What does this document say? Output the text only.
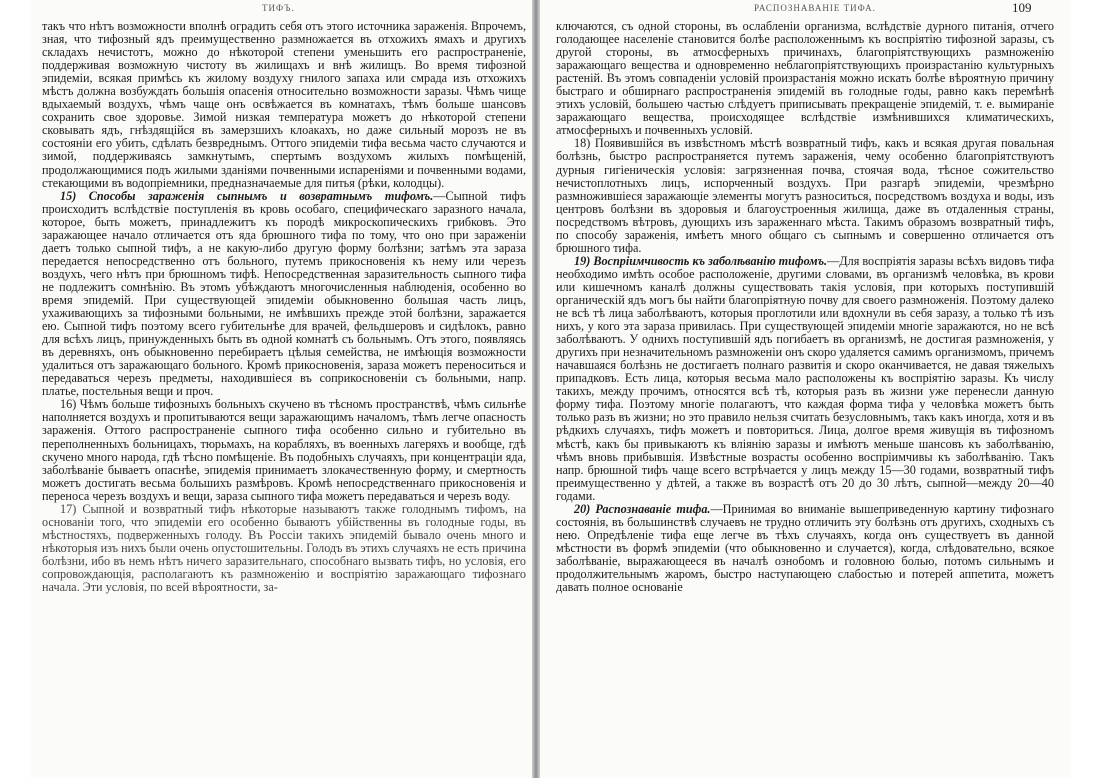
ТИФЪ.

такъ что нѣтъ возможности вполнѣ оградить себя отъ этого источника зараженія. Впрочемъ, зная, что тифозный ядъ преимущественно размножается въ отхожихъ ямахъ и другихъ складахъ нечистотъ, можно до нѣкоторой степени уменьшить его распространеніе, поддерживая возможную чистоту въ жилищахъ и внѣ жилищъ. Во время тифозной эпидеміи, всякая примѣсь къ жилому воздуху гнилого запаха или смрада изъ отхожихъ мѣстъ должна возбуждать большія опасенія относительно возможности заразы. Чѣмъ чище вдыхаемый воздухъ, чѣмъ чаще онъ освѣжается въ комнатахъ, тѣмъ больше шансовъ сохранить свое здоровье. Зимой низкая температура можетъ до нѣкоторой степени сковывать ядъ, гнѣздящійся въ замерзшихъ клоакахъ, но даже сильный морозъ не въ состояніи его убить, сдѣлать безвреднымъ. Оттого эпидеміи тифа весьма часто случаются и зимой, поддерживаясь замкнутымъ, спертымъ воздухомъ жилыхъ помѣщеній, продолжающимися подъ жилыми зданіями почвенными испареніями и почвенными водами, стекающими въ водопріемники, предназначаемые для питья (рѣки, колодцы).

15) Способы зараженія сыпнымъ и возвратнымъ тифомъ.—Сыпной тифъ происходитъ вслѣдствіе поступленія въ кровь особаго, специфическаго заразного начала, которое, быть можетъ, принадлежитъ къ породѣ микроскопическихъ грибковъ. Это заражающее начало отличается отъ яда брюшного тифа по тому, что оно при зараженіи даетъ только сыпной тифъ, а не какую-либо другую форму болѣзни; затѣмъ эта зараза передается непосредственно отъ больного, путемъ прикосновенія къ нему или черезъ воздухъ, чего нѣтъ при брюшномъ тифѣ. Непосредственная заразительность сыпного тифа не подлежитъ сомнѣнію. Въ этомъ убѣждаютъ многочисленныя наблюденія, особенно во время эпидемій. При существующей эпидеміи обыкновенно большая часть лицъ, ухаживающихъ за тифозными больными, не имѣвшихъ прежде этой болѣзни, заражается ею. Сыпной тифъ поэтому всего губительнѣе для врачей, фельдшеровъ и сидѣлокъ, равно для всѣхъ лицъ, принужденныхъ быть въ одной комнатѣ съ больнымъ. Отъ этого, появляясь въ деревняхъ, онъ обыкновенно перебираетъ цѣлыя семейства, не имѣющія возможности удалиться отъ заражающаго больного. Кромѣ прикосновенія, зараза можетъ переноситься и передаваться черезъ предметы, находившіеся въ соприкосновеніи съ больными, напр. платье, постельныя вещи и проч.

16) Чѣмъ больше тифозныхъ больныхъ скучено въ тѣсномъ пространствѣ, чѣмъ сильнѣе наполняется воздухъ и пропитываются вещи заражающимъ началомъ, тѣмъ легче опасность зараженія. Оттого распространеніе сыпного тифа особенно сильно и губительно въ переполненныхъ больницахъ, тюрьмахъ, на корабляхъ, въ военныхъ лагеряхъ и вообще, гдѣ скучено много народа, гдѣ тѣсно помѣщеніе. Въ подобныхъ случаяхъ, при концентраціи яда, заболѣваніе бываетъ опаснѣе, эпидемія принимаетъ злокачественную форму, и смертность можетъ достигать весьма большихъ размѣровъ. Кромѣ непосредственнаго прикосновенія и переноса черезъ воздухъ и вещи, зараза сыпного тифа можетъ передаваться и черезъ воду.

17) Сыпной и возвратный тифъ нѣкоторые называютъ также голоднымъ тифомъ, на основаніи того, что эпидеміи его особенно бываютъ убійственны въ голодные годы, въ мѣстностяхъ, подверженныхъ голоду. Въ Россіи такихъ эпидемій бывало очень много и нѣкоторыя изъ нихъ были очень опустошительны. Голодъ въ этихъ случаяхъ не есть причина болѣзни, ибо въ немъ нѣтъ ничего заразительнаго, способнаго вызвать тифъ, но условія, его сопровождающія, располагаютъ къ размноженію и воспріятію заражающаго тифознаго начала. Эти условія, по всей вѣроятности, за-

РАСПОЗНАВАНІЕ ТИФА.	109

ключаются, съ одной стороны, въ ослабленіи организма, вслѣдствіе дурного питанія, отчего голодающее населеніе становится болѣе расположеннымъ къ воспріятію тифозной заразы, съ другой стороны, въ атмосферныхъ причинахъ, благопріятствующихъ размноженію заражающаго вещества и одновременно неблагопріятствующихъ произрастанію культурныхъ растеній. Въ этомъ совпаденіи условій произрастанія можно искать болѣе вѣроятную причину быстраго и обширнаго распространенія эпидемій въ голодные годы, равно какъ перемѣнѣ этихъ условій, большею частью слѣдуетъ приписывать прекращеніе эпидемій, т. е. вымираніе заражающаго вещества, происходящее вслѣдствіе измѣнившихся климатическихъ, атмосферныхъ и почвенныхъ условій.

18) Появившійся въ извѣстномъ мѣстѣ возвратный тифъ, какъ и всякая другая повальная болѣзнь, быстро распространяется путемъ зараженія, чему особенно благопріятствуютъ дурныя гигіеническія условія: загрязненная почва, стоячая вода, тѣсное сожительство нечистоплотныхъ лицъ, испорченный воздухъ. При разгарѣ эпидеміи, чрезмѣрно размножившіеся заражающіе элементы могутъ разноситься, посредствомъ воздуха и воды, изъ центровъ болѣзни въ здоровыя и благоустроенныя жилища, даже въ отдаленныя страны, посредствомъ вѣтровъ, дующихъ изъ зараженнаго мѣста. Такимъ образомъ возвратный тифъ, по способу зараженія, имѣетъ много общаго съ сыпнымъ и совершенно отличается отъ брюшного тифа.

19) Воспріимчивость къ заболѣванію тифомъ.—Для воспріятія заразы всѣхъ видовъ тифа необходимо имѣть особое расположеніе, другими словами, въ организмѣ человѣка, въ крови или кишечномъ каналѣ должны существовать такія условія, при которыхъ поступившій органическій ядъ могъ бы найти благопріятную почву для своего размноженія. Поэтому далеко не всѣ тѣ лица заболѣваютъ, которыя проглотили или вдохнули въ себя заразу, а только тѣ изъ нихъ, у кого эта зараза привилась. При существующей эпидеміи многіе заражаются, но не всѣ заболѣваютъ. У однихъ поступившій ядъ погибаетъ въ организмѣ, не достигая размноженія, у другихъ при незначительномъ размноженіи онъ скоро удаляется самимъ организмомъ, причемъ начавшаяся болѣзнь не достигаетъ полнаго развитія и скоро оканчивается, не давая тяжелыхъ припадковъ. Есть лица, которыя весьма мало расположены къ воспріятію заразы. Къ числу такихъ, между прочимъ, относятся всѣ тѣ, которыя разъ въ жизни уже перенесли данную форму тифа. Поэтому многіе полагаютъ, что каждая форма тифа у человѣка можетъ быть только разъ въ жизни; но это правило нельзя считать безусловнымъ, такъ какъ иногда, хотя и въ рѣдкихъ случаяхъ, тифъ можетъ и повториться. Лица, долгое время живущія въ тифозномъ мѣстѣ, какъ бы привыкаютъ къ вліянію заразы и имѣютъ меньше шансовъ къ заболѣванію, чѣмъ вновь прибывшія. Извѣстные возрасты особенно воспріимчивы къ заболѣванію. Такъ напр. брюшной тифъ чаще всего встрѣчается у лицъ между 15—30 годами, возвратный тифъ преимущественно у дѣтей, а также въ возрастѣ отъ 20 до 30 лѣтъ, сыпной—между 20—40 годами.

20) Распознаваніе тифа.—Принимая во вниманіе вышеприведенную картину тифознаго состоянія, въ большинствѣ случаевъ не трудно отличить эту болѣзнь отъ другихъ, сходныхъ съ нею. Опредѣленіе тифа еще легче въ тѣхъ случаяхъ, когда онъ существуетъ въ данной мѣстности въ формѣ эпидеміи (что обыкновенно и случается), когда, слѣдовательно, всякое заболѣваніе, выражающееся въ началѣ ознобомъ и головною болью, потомъ сильнымъ и продолжительнымъ жаромъ, быстро наступающею слабостью и потерей аппетита, можетъ давать полное основаніе
